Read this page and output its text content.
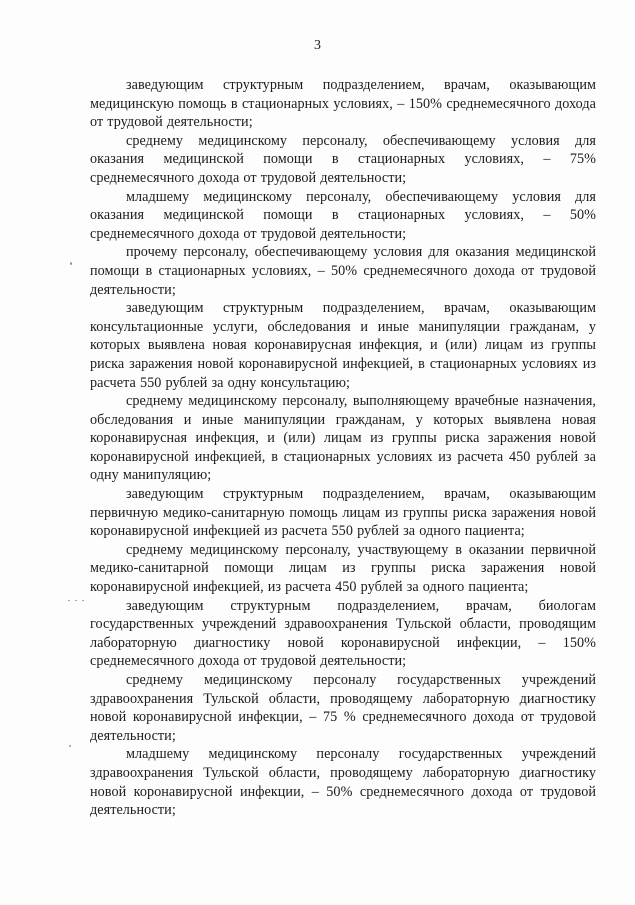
3

заведующим структурным подразделением, врачам, оказывающим медицинскую помощь в стационарных условиях, – 150% среднемесячного дохода от трудовой деятельности;

среднему медицинскому персоналу, обеспечивающему условия для оказания медицинской помощи в стационарных условиях, – 75% среднемесячного дохода от трудовой деятельности;

младшему медицинскому персоналу, обеспечивающему условия для оказания медицинской помощи в стационарных условиях, – 50% среднемесячного дохода от трудовой деятельности;

прочему персоналу, обеспечивающему условия для оказания медицинской помощи в стационарных условиях, – 50% среднемесячного дохода от трудовой деятельности;

заведующим структурным подразделением, врачам, оказывающим консультационные услуги, обследования и иные манипуляции гражданам, у которых выявлена новая коронавирусная инфекция, и (или) лицам из группы риска заражения новой коронавирусной инфекцией, в стационарных условиях из расчета 550 рублей за одну консультацию;

среднему медицинскому персоналу, выполняющему врачебные назначения, обследования и иные манипуляции гражданам, у которых выявлена новая коронавирусная инфекция, и (или) лицам из группы риска заражения новой коронавирусной инфекцией, в стационарных условиях из расчета 450 рублей за одну манипуляцию;

заведующим структурным подразделением, врачам, оказывающим первичную медико-санитарную помощь лицам из группы риска заражения новой коронавирусной инфекцией из расчета 550 рублей за одного пациента;

среднему медицинскому персоналу, участвующему в оказании первичной медико-санитарной помощи лицам из группы риска заражения новой коронавирусной инфекцией, из расчета 450 рублей за одного пациента;

заведующим структурным подразделением, врачам, биологам государственных учреждений здравоохранения Тульской области, проводящим лабораторную диагностику новой коронавирусной инфекции, – 150% среднемесячного дохода от трудовой деятельности;

среднему медицинскому персоналу государственных учреждений здравоохранения Тульской области, проводящему лабораторную диагностику новой коронавирусной инфекции, – 75 % среднемесячного дохода от трудовой деятельности;

младшему медицинскому персоналу государственных учреждений здравоохранения Тульской области, проводящему лабораторную диагностику новой коронавирусной инфекции, – 50% среднемесячного дохода от трудовой деятельности;
